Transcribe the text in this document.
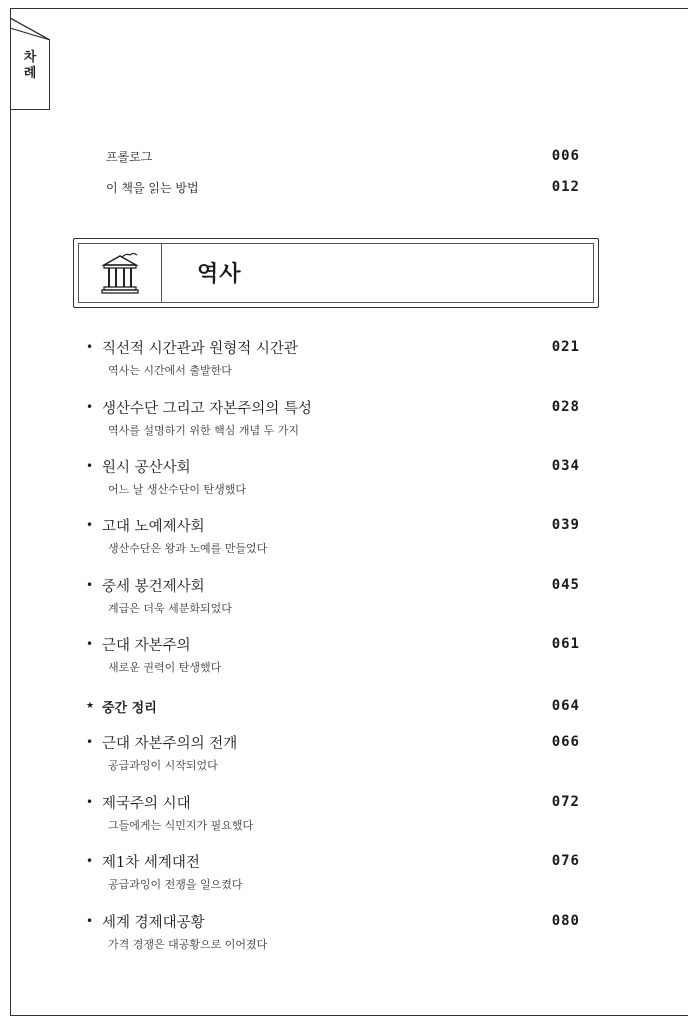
차
례
프롤로그	006
이 책을 읽는 방법	012
역사
• 직선적 시간관과 원형적 시간관	021
역사는 시간에서 출발한다
• 생산수단 그리고 자본주의의 특성	028
역사를 설명하기 위한 핵심 개념 두 가지
• 원시 공산사회	034
어느 날 생산수단이 탄생했다
• 고대 노예제사회	039
생산수단은 왕과 노예를 만들었다
• 중세 봉건제사회	045
계급은 더욱 세분화되었다
• 근대 자본주의	061
새로운 권력이 탄생했다
★ 중간 정리	064
• 근대 자본주의의 전개	066
공급과잉이 시작되었다
• 제국주의 시대	072
그들에게는 식민지가 필요했다
• 제1차 세계대전	076
공급과잉이 전쟁을 일으켰다
• 세계 경제대공황	080
가격 경쟁은 대공황으로 이어졌다
